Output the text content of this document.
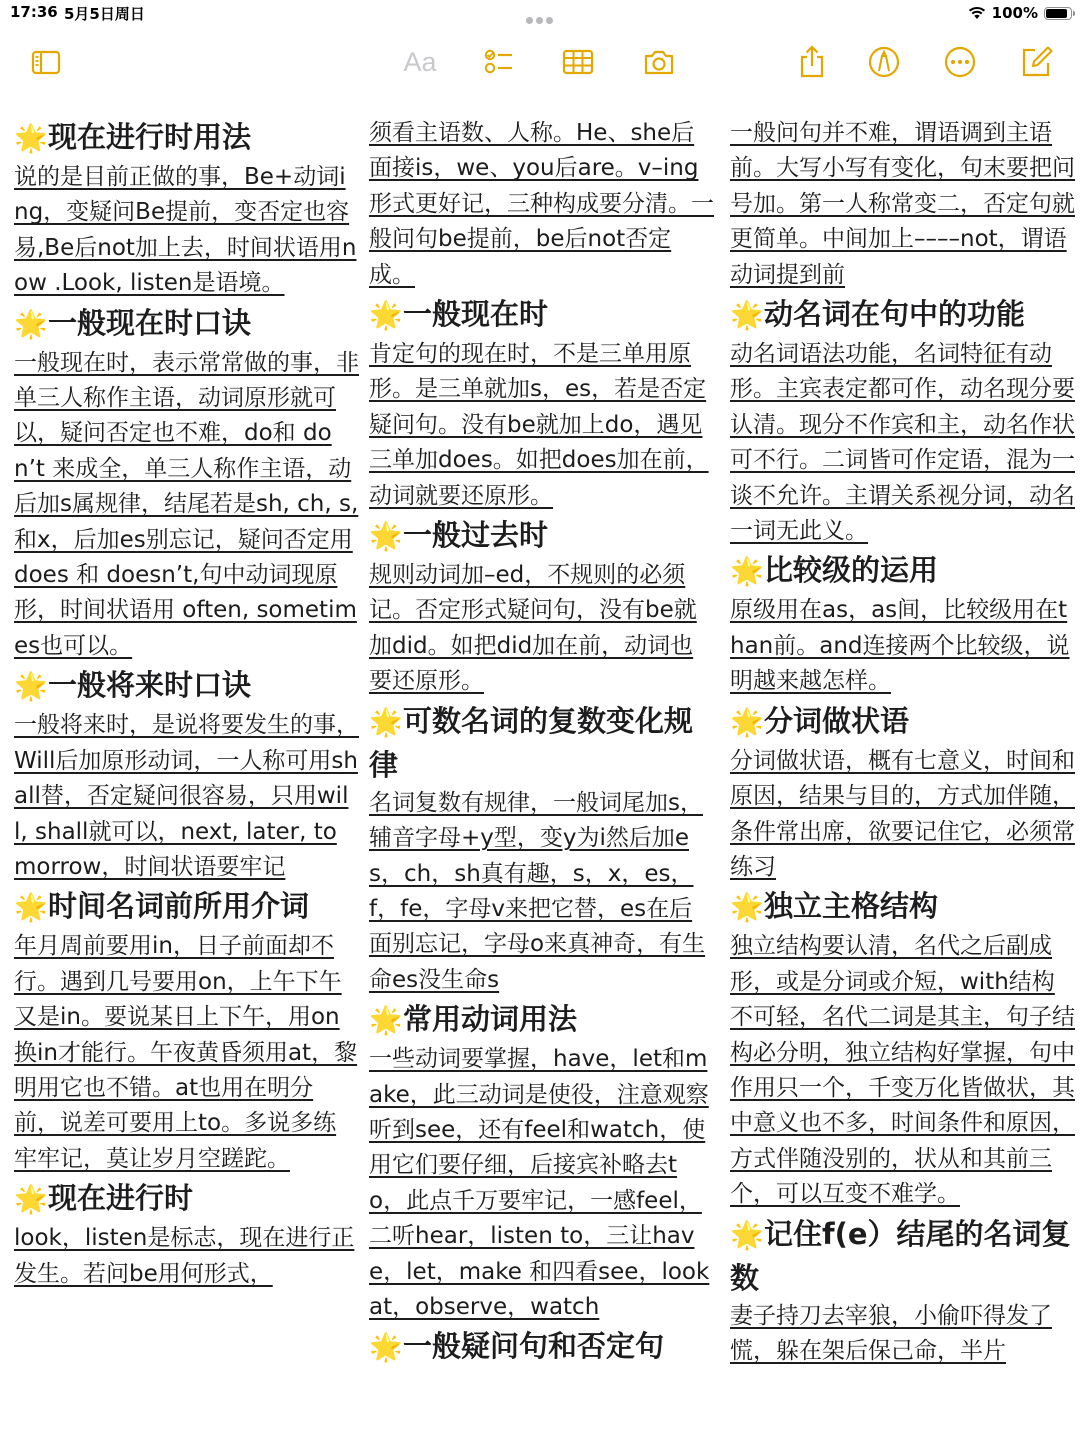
17:36 5月5日周日	100%
Aa
🌟现在进行时用法
说的是目前正做的事，Be+动词ing，变疑问Be提前，变否定也容易,Be后not加上去，时间状语用now .Look, listen是语境。
🌟一般现在时口诀
一般现在时，表示常常做的事，非单三人称作主语，动词原形就可以，疑问否定也不难，do和 don’t 来成全，单三人称作主语，动后加s属规律，结尾若是sh, ch, s, 和x，后加es别忘记，疑问否定用does 和 doesn’t,句中动词现原形，时间状语用 often, sometimes也可以。
🌟一般将来时口诀
一般将来时，是说将要发生的事，Will后加原形动词，一人称可用shall替，否定疑问很容易，只用will, shall就可以，next, later, tomorrow，时间状语要牢记
🌟时间名词前所用介词
年月周前要用in，日子前面却不行。遇到几号要用on，上午下午又是in。要说某日上下午，用on换in才能行。午夜黄昏须用at，黎明用它也不错。at也用在明分前，说差可要用上to。多说多练牢牢记，莫让岁月空蹉跎。
🌟现在进行时
look，listen是标志，现在进行正发生。若问be用何形式，
须看主语数、人称。He、she后面接is，we、you后are。v–ing形式更好记，三种构成要分清。一般问句be提前，be后not否定成。
🌟一般现在时
肯定句的现在时，不是三单用原形。是三单就加s，es，若是否定疑问句。没有be就加上do，遇见三单加does。如把does加在前，动词就要还原形。
🌟一般过去时
规则动词加–ed，不规则的必须记。否定形式疑问句，没有be就加did。如把did加在前，动词也要还原形。
🌟可数名词的复数变化规律
名词复数有规律，一般词尾加s，辅音字母+y型，变y为i然后加es，ch，sh真有趣，s，x，es，f，fe，字母v来把它替，es在后面别忘记，字母o来真神奇，有生命es没生命s
🌟常用动词用法
一些动词要掌握，have，let和make，此三动词是使役，注意观察听到see，还有feel和watch，使用它们要仔细，后接宾补略去to，此点千万要牢记，一感feel，二听hear，listen to，三让have，let，make 和四看see，look at，observe，watch
🌟一般疑问句和否定句
一般问句并不难，谓语调到主语前。大写小写有变化，句末要把问号加。第一人称常变二，否定句就更简单。中间加上––––not，谓语动词提到前
🌟动名词在句中的功能
动名词语法功能，名词特征有动形。主宾表定都可作，动名现分要认清。现分不作宾和主，动名作状可不行。二词皆可作定语，混为一谈不允许。主谓关系视分词，动名一词无此义。
🌟比较级的运用
原级用在as，as间，比较级用在than前。and连接两个比较级，说明越来越怎样。
🌟分词做状语
分词做状语，概有七意义，时间和原因，结果与目的，方式加伴随，条件常出席，欲要记住它，必须常练习
🌟独立主格结构
独立结构要认清，名代之后副成形，或是分词或介短，with结构不可轻，名代二词是其主，句子结构必分明，独立结构好掌握，句中作用只一个，千变万化皆做状，其中意义也不多，时间条件和原因，方式伴随没别的，状从和其前三个，可以互变不难学。
🌟记住f(e）结尾的名词复数
妻子持刀去宰狼，小偷吓得发了慌，躲在架后保己命，半片
